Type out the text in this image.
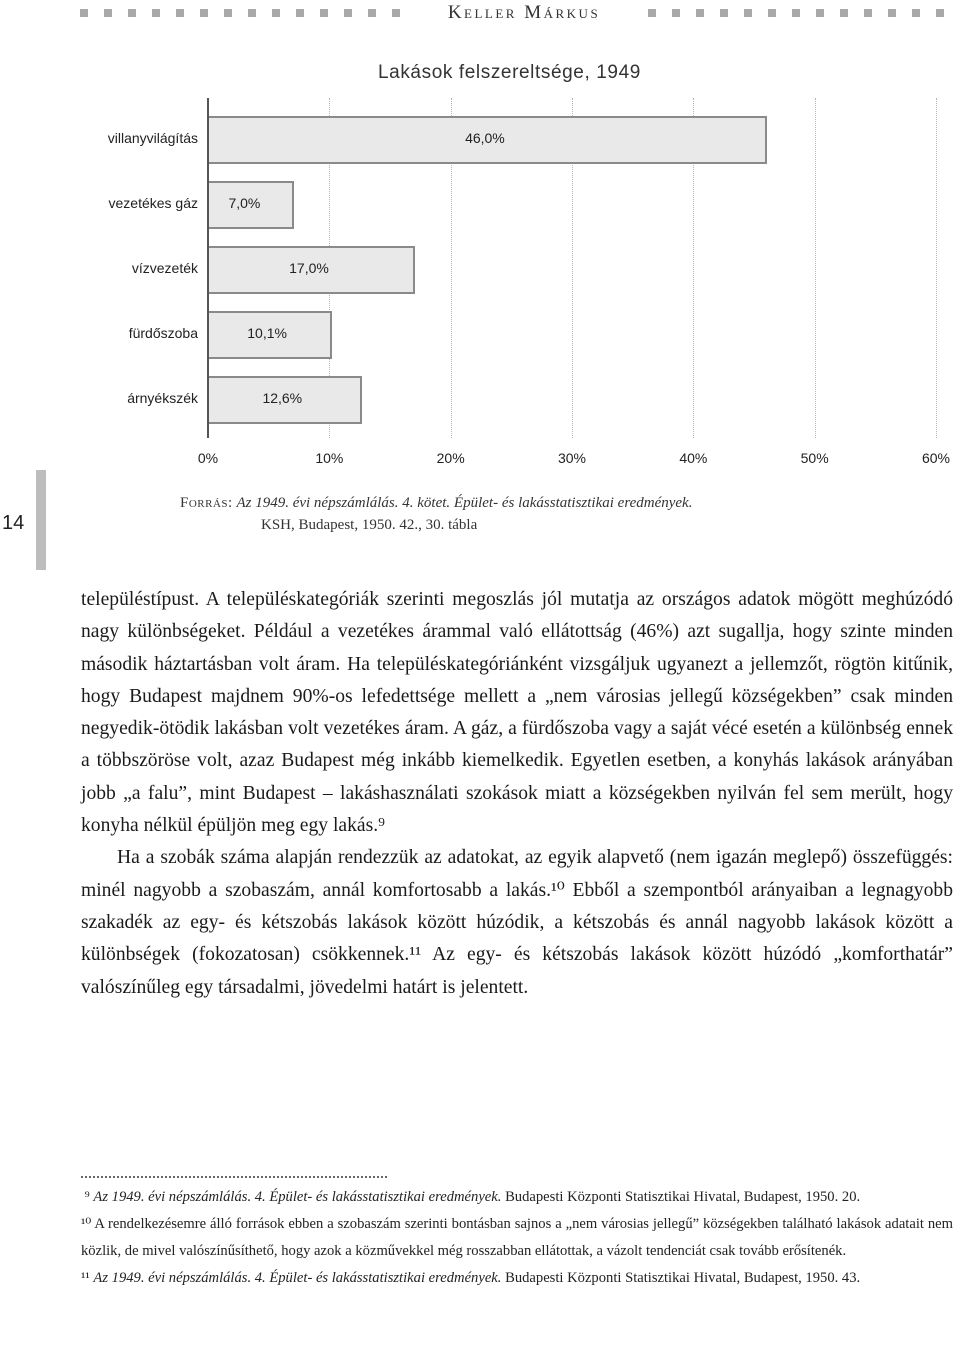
Keller Márkus
Lakások felszereltsége, 1949
villanyvilágítás	46,0%
vezetékes gáz 7,0%
vízvezeték	17,0%
fürdőszoba	10,1%
árnyékszék	12,6%
0%	10%	20%	30%	40%	50%	60%
14
Forrás: Az 1949. évi népszámlálás. 4. kötet. Épület- és lakásstatisztikai eredmények.
KSH, Budapest, 1950. 42., 30. tábla

településtípust. A településkategóriák szerinti megoszlás jól mutatja az országos adatok mögött meghúzódó nagy különbségeket. Például a vezetékes árammal való ellátottság (46%) azt sugallja, hogy szinte minden második háztartásban volt áram. Ha településkategóriánként vizsgáljuk ugyanezt a jellemzőt, rögtön kitűnik, hogy Budapest majdnem 90%-os lefedettsége mellett a „nem városias jellegű községekben” csak minden negyedik-ötödik lakásban volt vezetékes áram. A gáz, a fürdőszoba vagy a saját vécé esetén a különbség ennek a többszöröse volt, azaz Budapest még inkább kiemelkedik. Egyetlen esetben, a konyhás lakások arányában jobb „a falu”, mint Budapest – lakáshasználati szokások miatt a községekben nyilván fel sem merült, hogy konyha nélkül épüljön meg egy lakás.⁹

Ha a szobák száma alapján rendezzük az adatokat, az egyik alapvető (nem igazán meglepő) összefüggés: minél nagyobb a szobaszám, annál komfortosabb a lakás.¹⁰ Ebből a szempontból arányaiban a legnagyobb szakadék az egy- és kétszobás lakások között húzódik, a kétszobás és annál nagyobb lakások között a különbségek (fokozatosan) csökkennek.¹¹ Az egy- és kétszobás lakások között húzódó „komforthatár” valószínűleg egy társadalmi, jövedelmi határt is jelentett.

⁹ Az 1949. évi népszámlálás. 4. Épület- és lakásstatisztikai eredmények. Budapesti Központi Statisztikai Hivatal, Budapest, 1950. 20.

¹⁰ A rendelkezésemre álló források ebben a szobaszám szerinti bontásban sajnos a „nem városias jellegű” községekben található lakások adatait nem közlik, de mivel valószínűsíthető, hogy azok a közművekkel még rosszabban ellátottak, a vázolt tendenciát csak tovább erősítenék.

¹¹ Az 1949. évi népszámlálás. 4. Épület- és lakásstatisztikai eredmények. Budapesti Központi Statisztikai Hivatal, Budapest, 1950. 43.
